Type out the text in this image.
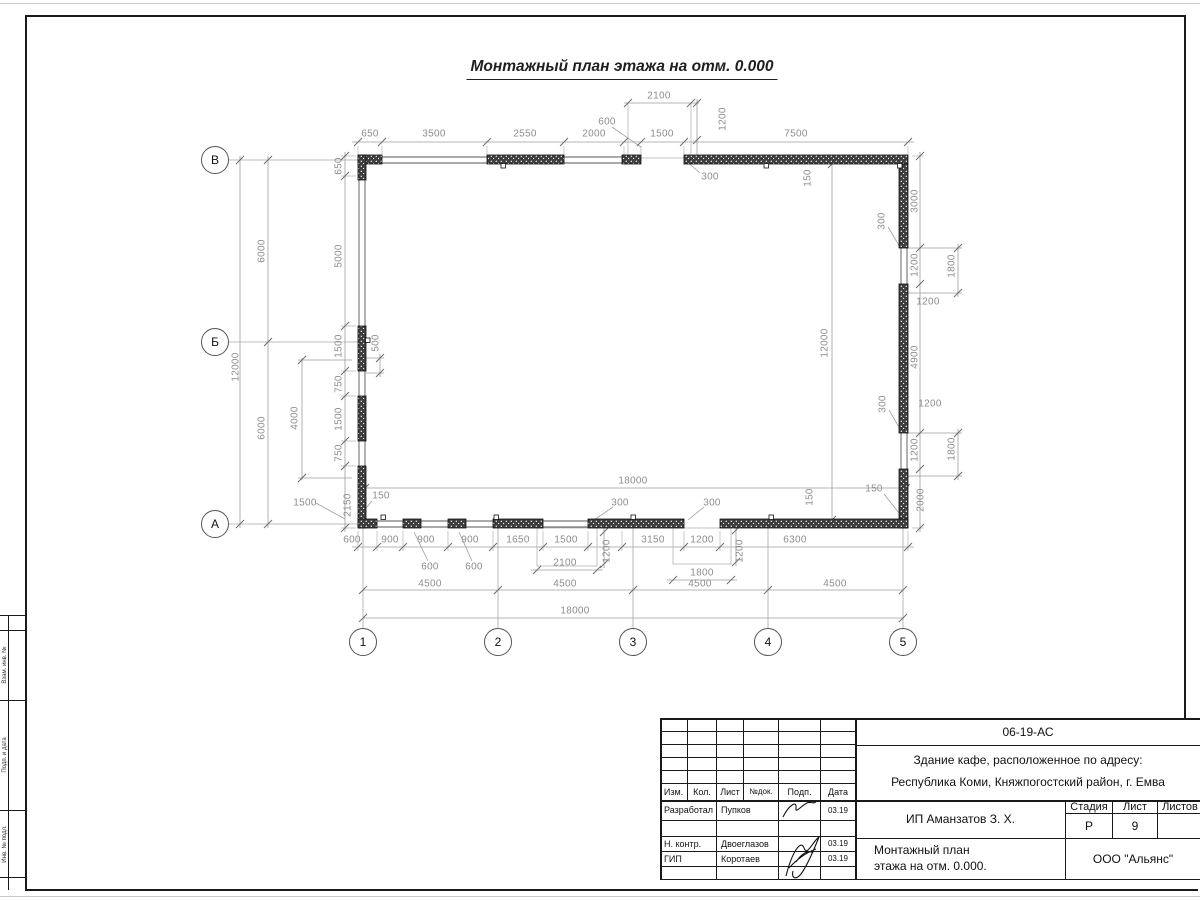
Монтажный план этажа на отм. 0.000
Изм.	Кол.	Лист	№док.	Подп.	Дата
Разработал Пупков	03.19
Н. контр.	Двоеглазов	03.19
ГИП	Коротаев	03.19
06-19-АС
Здание кафе, расположенное по адресу:
Республика Коми, Княжпогостский район, г. Емва
ИП Аманзатов З. Х.
Стадия	Лист	Листов
Р	9
Монтажный план
этажа на отм. 0.000.	ООО "Альянс"
650	3500	2550	2000	1500	7500
2100
600	1200
300	150
6000
12000
6000 4000
650
5000
1500
750
1500
750
2150
1500
500
150
3000
300
1200	1800
1200
4900
1200
300
1200	1800
2000
150
18000
12000
600 900 900	900	1650 1500 1200	3150	1200 1200	6300
600	600	2100
1800
300	300	150
4500	4500	4500	4500
18000
В
Б
А
1	2	3	4	5
Взам. инв. №
Подп. и дата
Инв. № подл.
